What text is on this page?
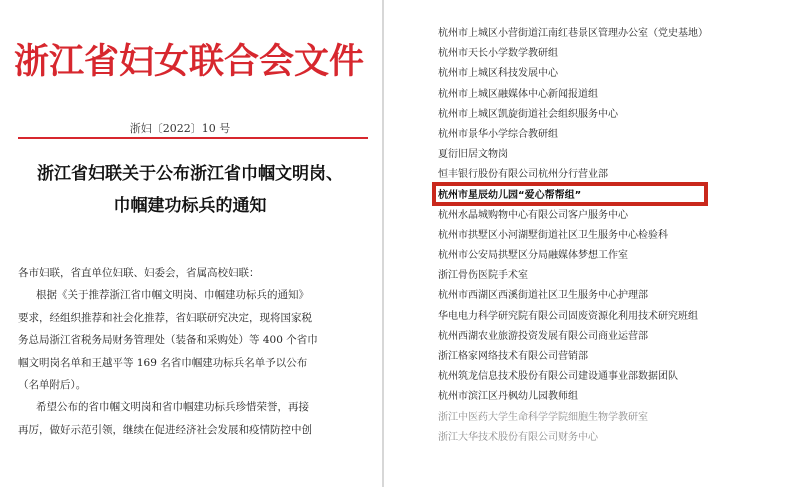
浙江省妇女联合会文件
浙妇〔2022〕10 号
浙江省妇联关于公布浙江省巾帼文明岗、
巾帼建功标兵的通知
各市妇联，省直单位妇联、妇委会，省属高校妇联：
根据《关于推荐浙江省巾帼文明岗、巾帼建功标兵的通知》
要求，经组织推荐和社会化推荐，省妇联研究决定，现将国家税
务总局浙江省税务局财务管理处（装备和采购处）等 400 个省巾
帼文明岗名单和王越平等 169 名省巾帼建功标兵名单予以公布
（名单附后）。
希望公布的省巾帼文明岗和省巾帼建功标兵珍惜荣誉，再接
再厉，做好示范引领，继续在促进经济社会发展和疫情防控中创
杭州市上城区小营街道江南红巷景区管理办公室（党史基地）
杭州市天长小学数学教研组
杭州市上城区科技发展中心
杭州市上城区融媒体中心新闻报道组
杭州市上城区凯旋街道社会组织服务中心
杭州市景华小学综合教研组
夏衍旧居文物岗
恒丰银行股份有限公司杭州分行营业部
杭州市星辰幼儿园“爱心帮帮组”
杭州水晶城购物中心有限公司客户服务中心
杭州市拱墅区小河湖墅街道社区卫生服务中心检验科
杭州市公安局拱墅区分局融媒体梦想工作室
浙江骨伤医院手术室
杭州市西湖区西溪街道社区卫生服务中心护理部
华电电力科学研究院有限公司固废资源化利用技术研究班组
杭州西湖农业旅游投资发展有限公司商业运营部
浙江格家网络技术有限公司营销部
杭州筑龙信息技术股份有限公司建设通事业部数据团队
杭州市滨江区丹枫幼儿园教师组
浙江中医药大学生命科学学院细胞生物学教研室
浙江大华技术股份有限公司财务中心
